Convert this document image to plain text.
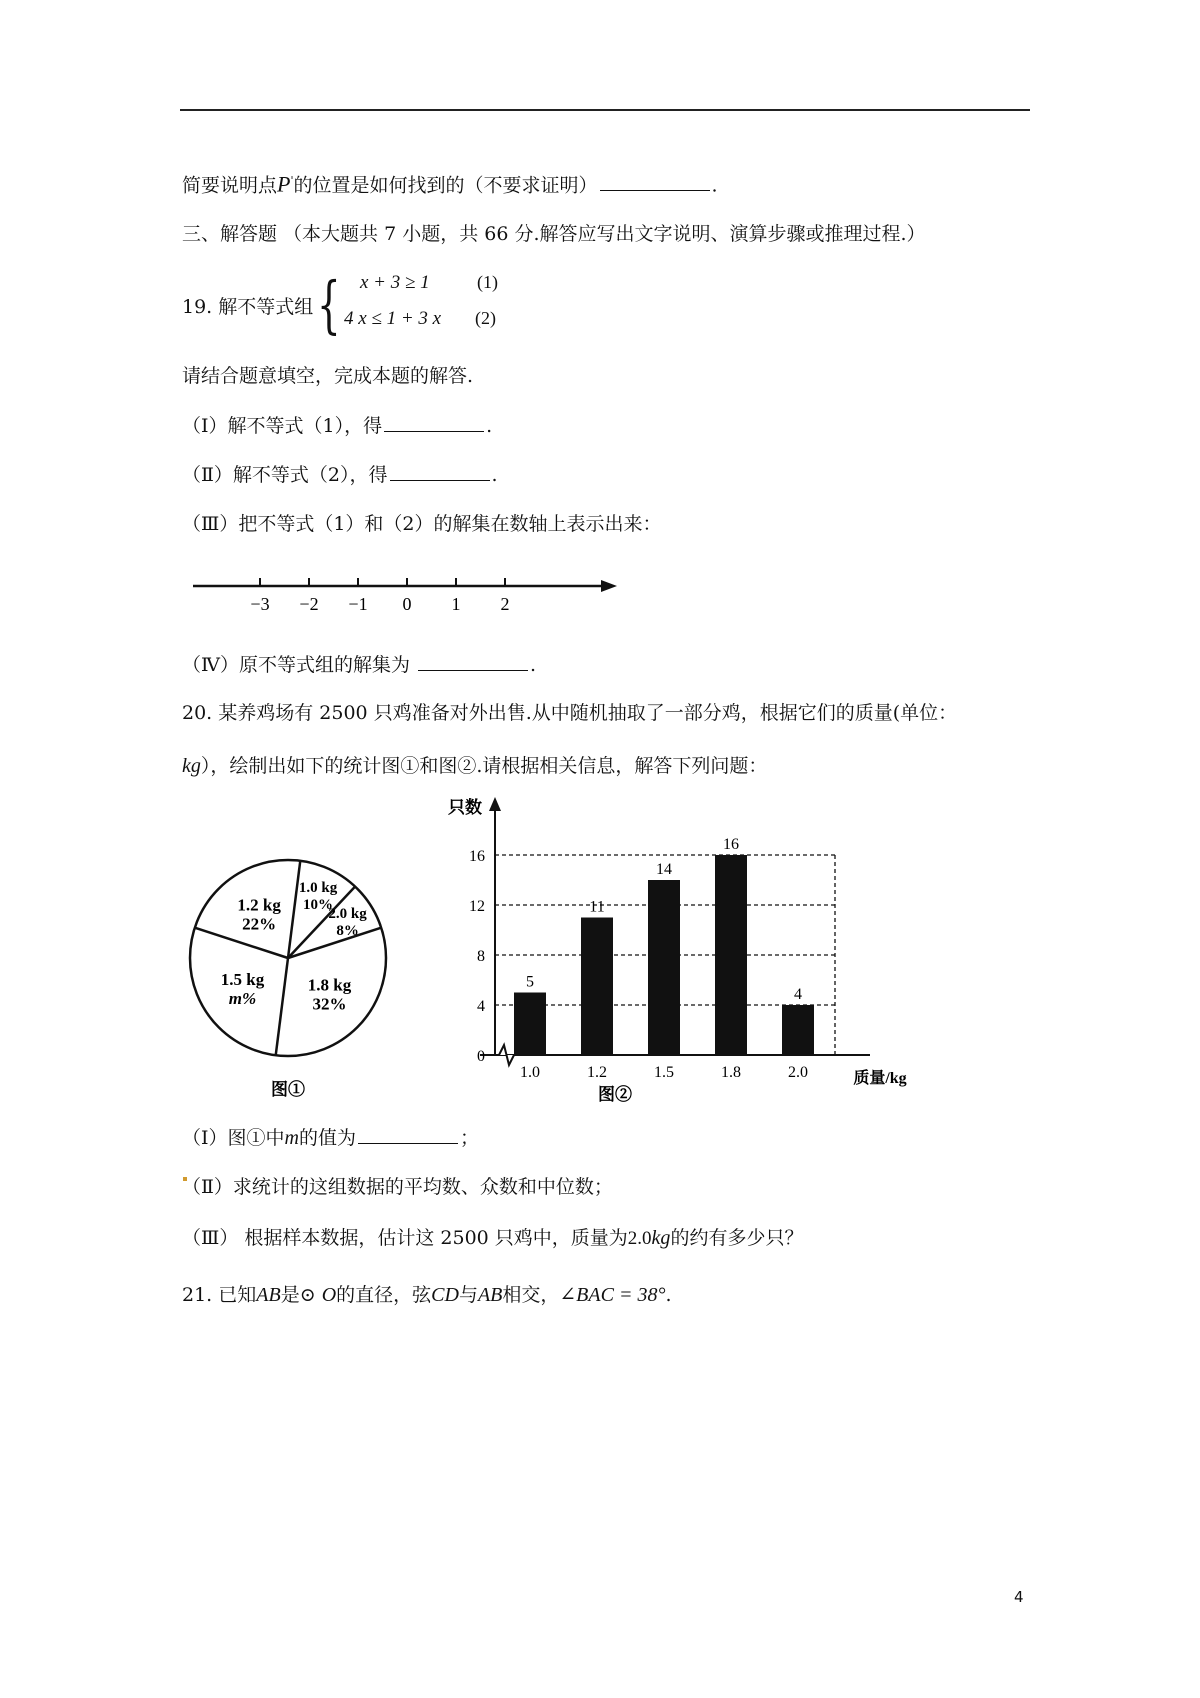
简要说明点P'的位置是如何找到的（不要求证明）	.
三、解答题 （本大题共 7 小题，共 66 分.解答应写出文字说明、演算步骤或推理过程.）
19. 解不等式组 { x + 3 ≥ 1	(1)
4 x ≤ 1 + 3 x (2)
请结合题意填空，完成本题的解答.
（Ⅰ）解不等式（1），得	.
（Ⅱ）解不等式（2），得	.
（Ⅲ）把不等式（1）和（2）的解集在数轴上表示出来：
−3 −2 −1 0 1 2
（Ⅳ）原不等式组的解集为	.
20. 某养鸡场有 2500 只鸡准备对外出售.从中随机抽取了一部分鸡，根据它们的质量(单位：
kg），绘制出如下的统计图①和图②.请根据相关信息，解答下列问题：
1.2 kg
22%
1.0 kg
10%
2.0 kg
8%
1.8 kg
32%
1.5 kg
m%
图①
只数
0
4
8
12
16
5
1.0
11
1.2
14
1.5
16
1.8
4
2.0	质量/kg
图②
（Ⅰ）图①中m的值为	；
（Ⅱ）求统计的这组数据的平均数、众数和中位数；
（Ⅲ） 根据样本数据，估计这 2500 只鸡中，质量为2.0kg的约有多少只？
21. 已知AB是⊙ O的直径，弦CD与AB相交，∠BAC = 38°.
4
